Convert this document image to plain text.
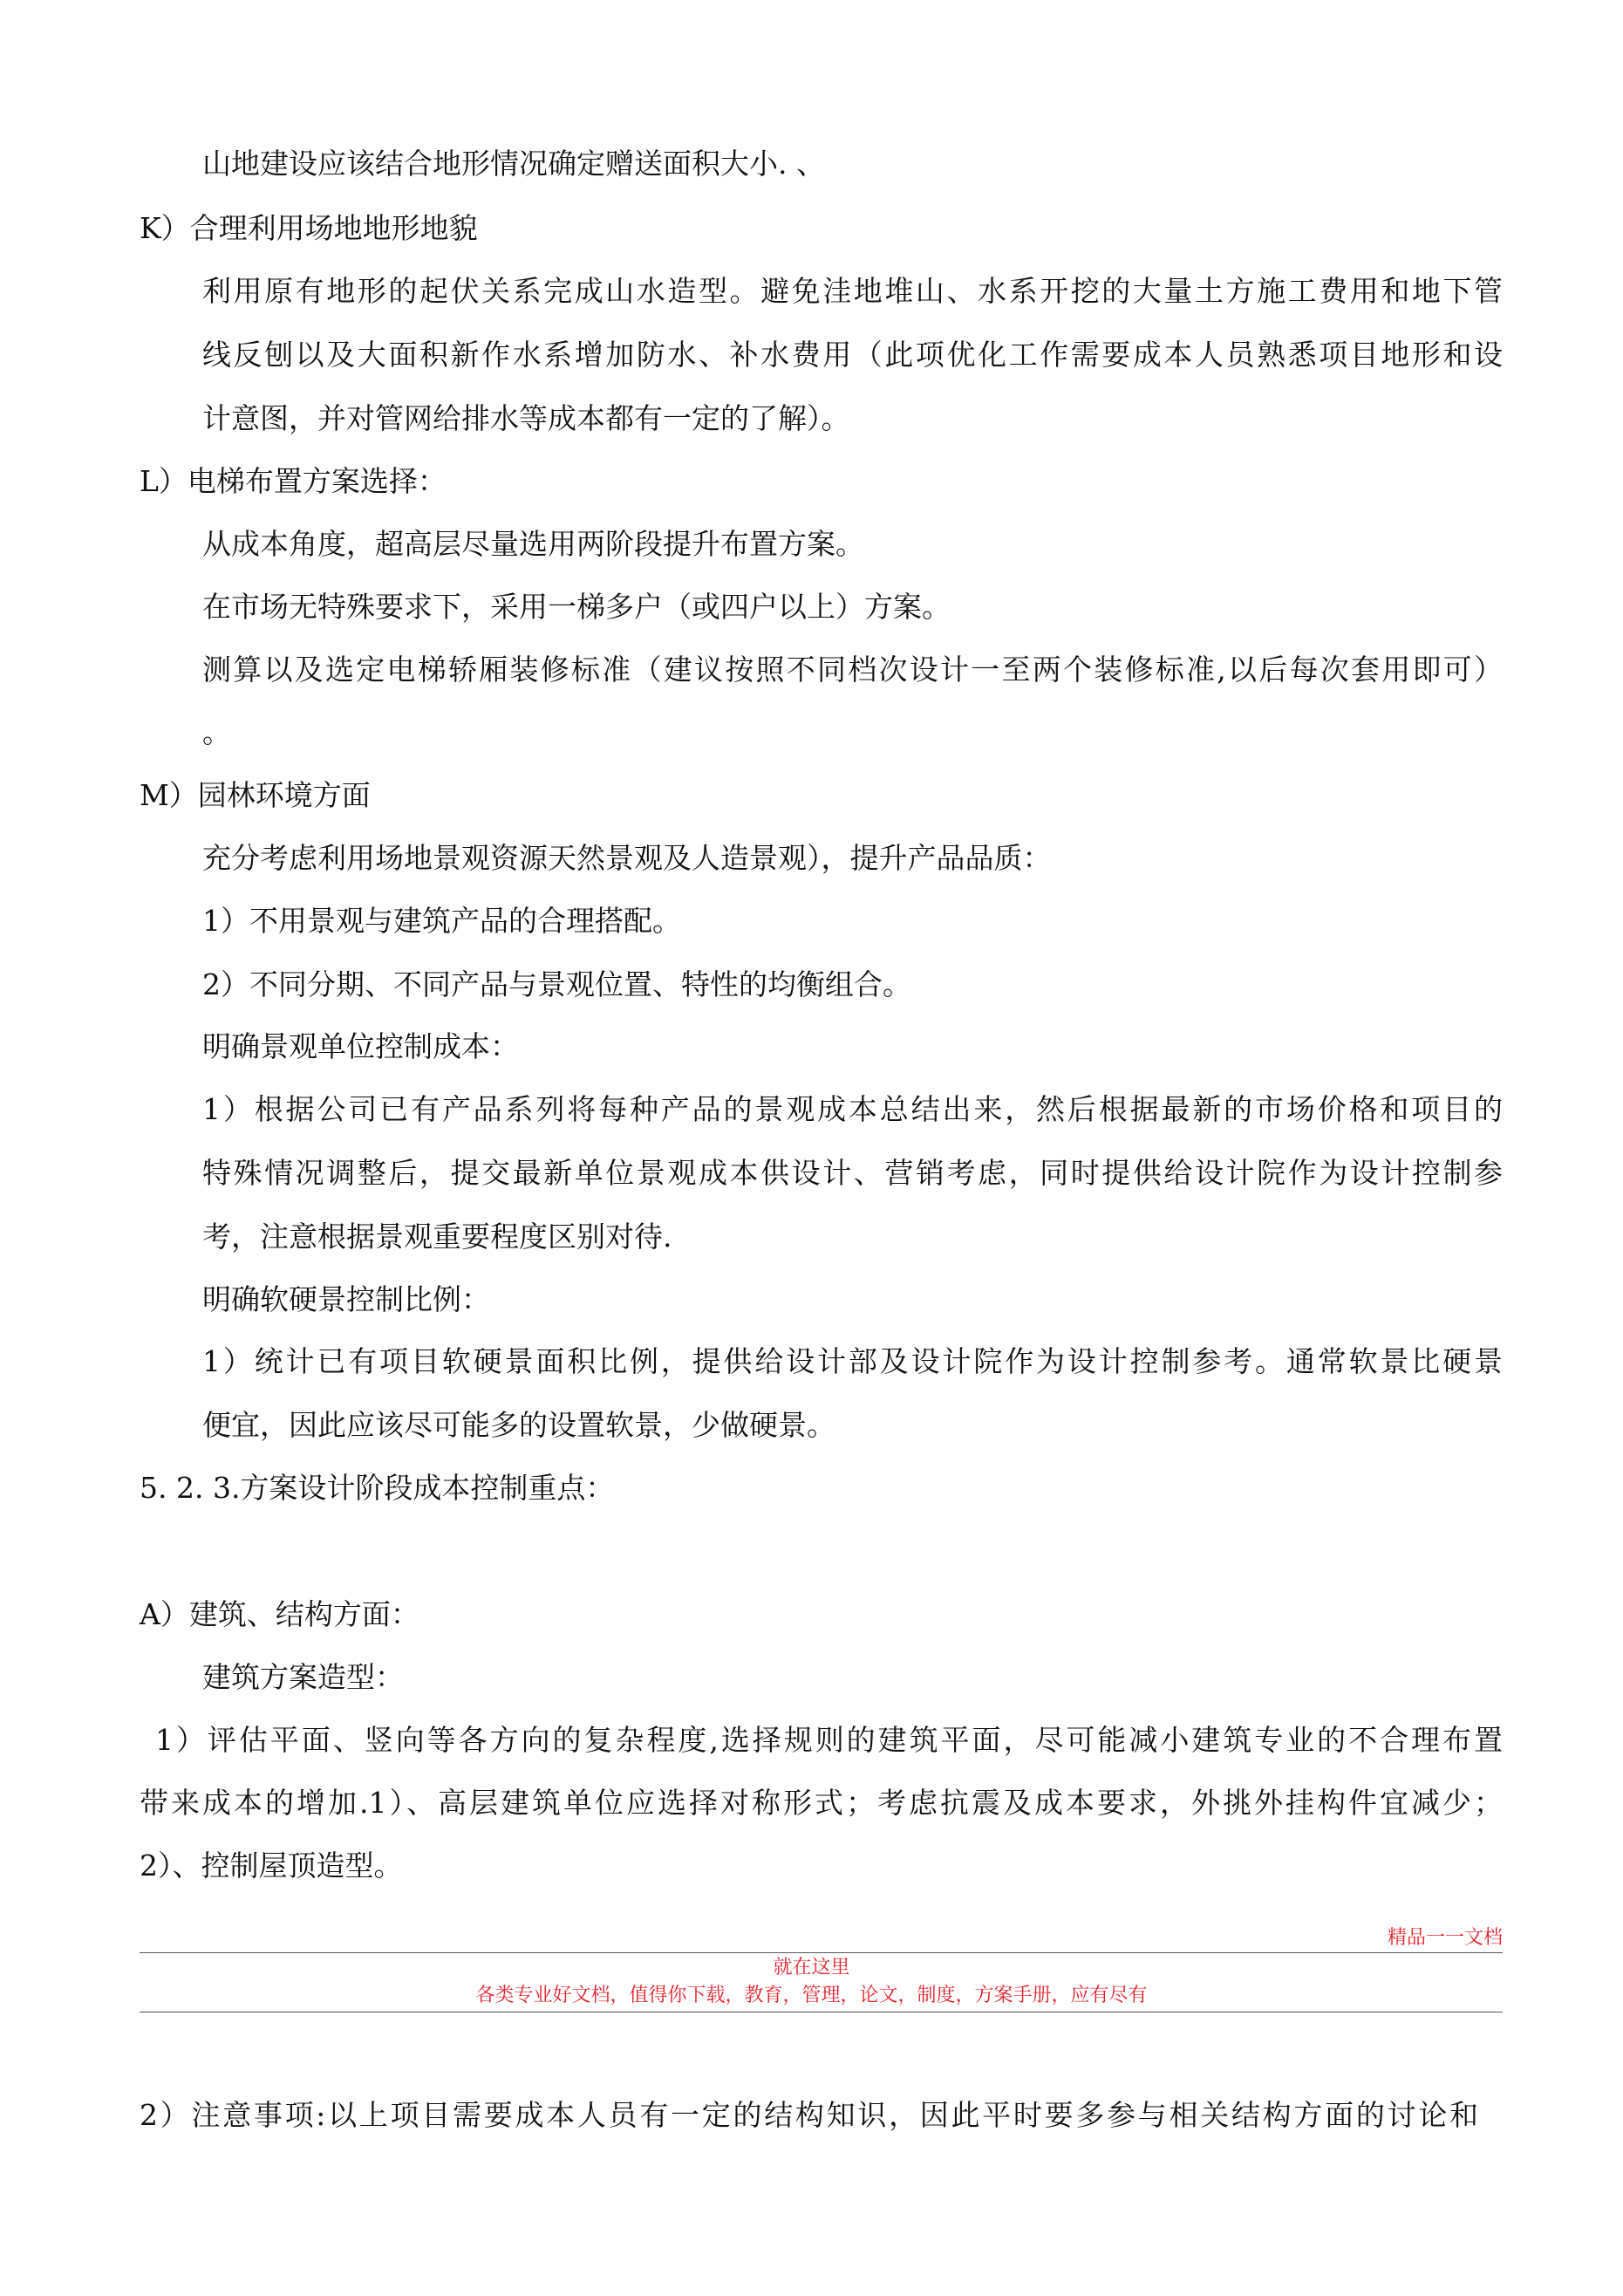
山地建设应该结合地形情况确定赠送面积大小. 、
K）合理利用场地地形地貌
利用原有地形的起伏关系完成山水造型。避免洼地堆山、水系开挖的大量土方施工费用和地下管
线反刨以及大面积新作水系增加防水、补水费用（此项优化工作需要成本人员熟悉项目地形和设
计意图，并对管网给排水等成本都有一定的了解）。
L）电梯布置方案选择：
从成本角度，超高层尽量选用两阶段提升布置方案。
在市场无特殊要求下，采用一梯多户（或四户以上）方案。
测算以及选定电梯轿厢装修标准（建议按照不同档次设计一至两个装修标准,以后每次套用即可）
。
M）园林环境方面
充分考虑利用场地景观资源天然景观及人造景观），提升产品品质：
1）不用景观与建筑产品的合理搭配。
2）不同分期、不同产品与景观位置、特性的均衡组合。
明确景观单位控制成本：
1）根据公司已有产品系列将每种产品的景观成本总结出来，然后根据最新的市场价格和项目的
特殊情况调整后，提交最新单位景观成本供设计、营销考虑，同时提供给设计院作为设计控制参
考，注意根据景观重要程度区别对待.
明确软硬景控制比例：
1）统计已有项目软硬景面积比例，提供给设计部及设计院作为设计控制参考。通常软景比硬景
便宜，因此应该尽可能多的设置软景，少做硬景。
5. 2. 3.方案设计阶段成本控制重点：
A）建筑、结构方面：
建筑方案造型：
1）评估平面、竖向等各方向的复杂程度,选择规则的建筑平面，尽可能减小建筑专业的不合理布置
带来成本的增加.1）、高层建筑单位应选择对称形式；考虑抗震及成本要求，外挑外挂构件宜减少；
2）、控制屋顶造型。
精品一一文档
就在这里
各类专业好文档，值得你下载，教育，管理，论文，制度，方案手册，应有尽有
2）注意事项:以上项目需要成本人员有一定的结构知识，因此平时要多参与相关结构方面的讨论和
